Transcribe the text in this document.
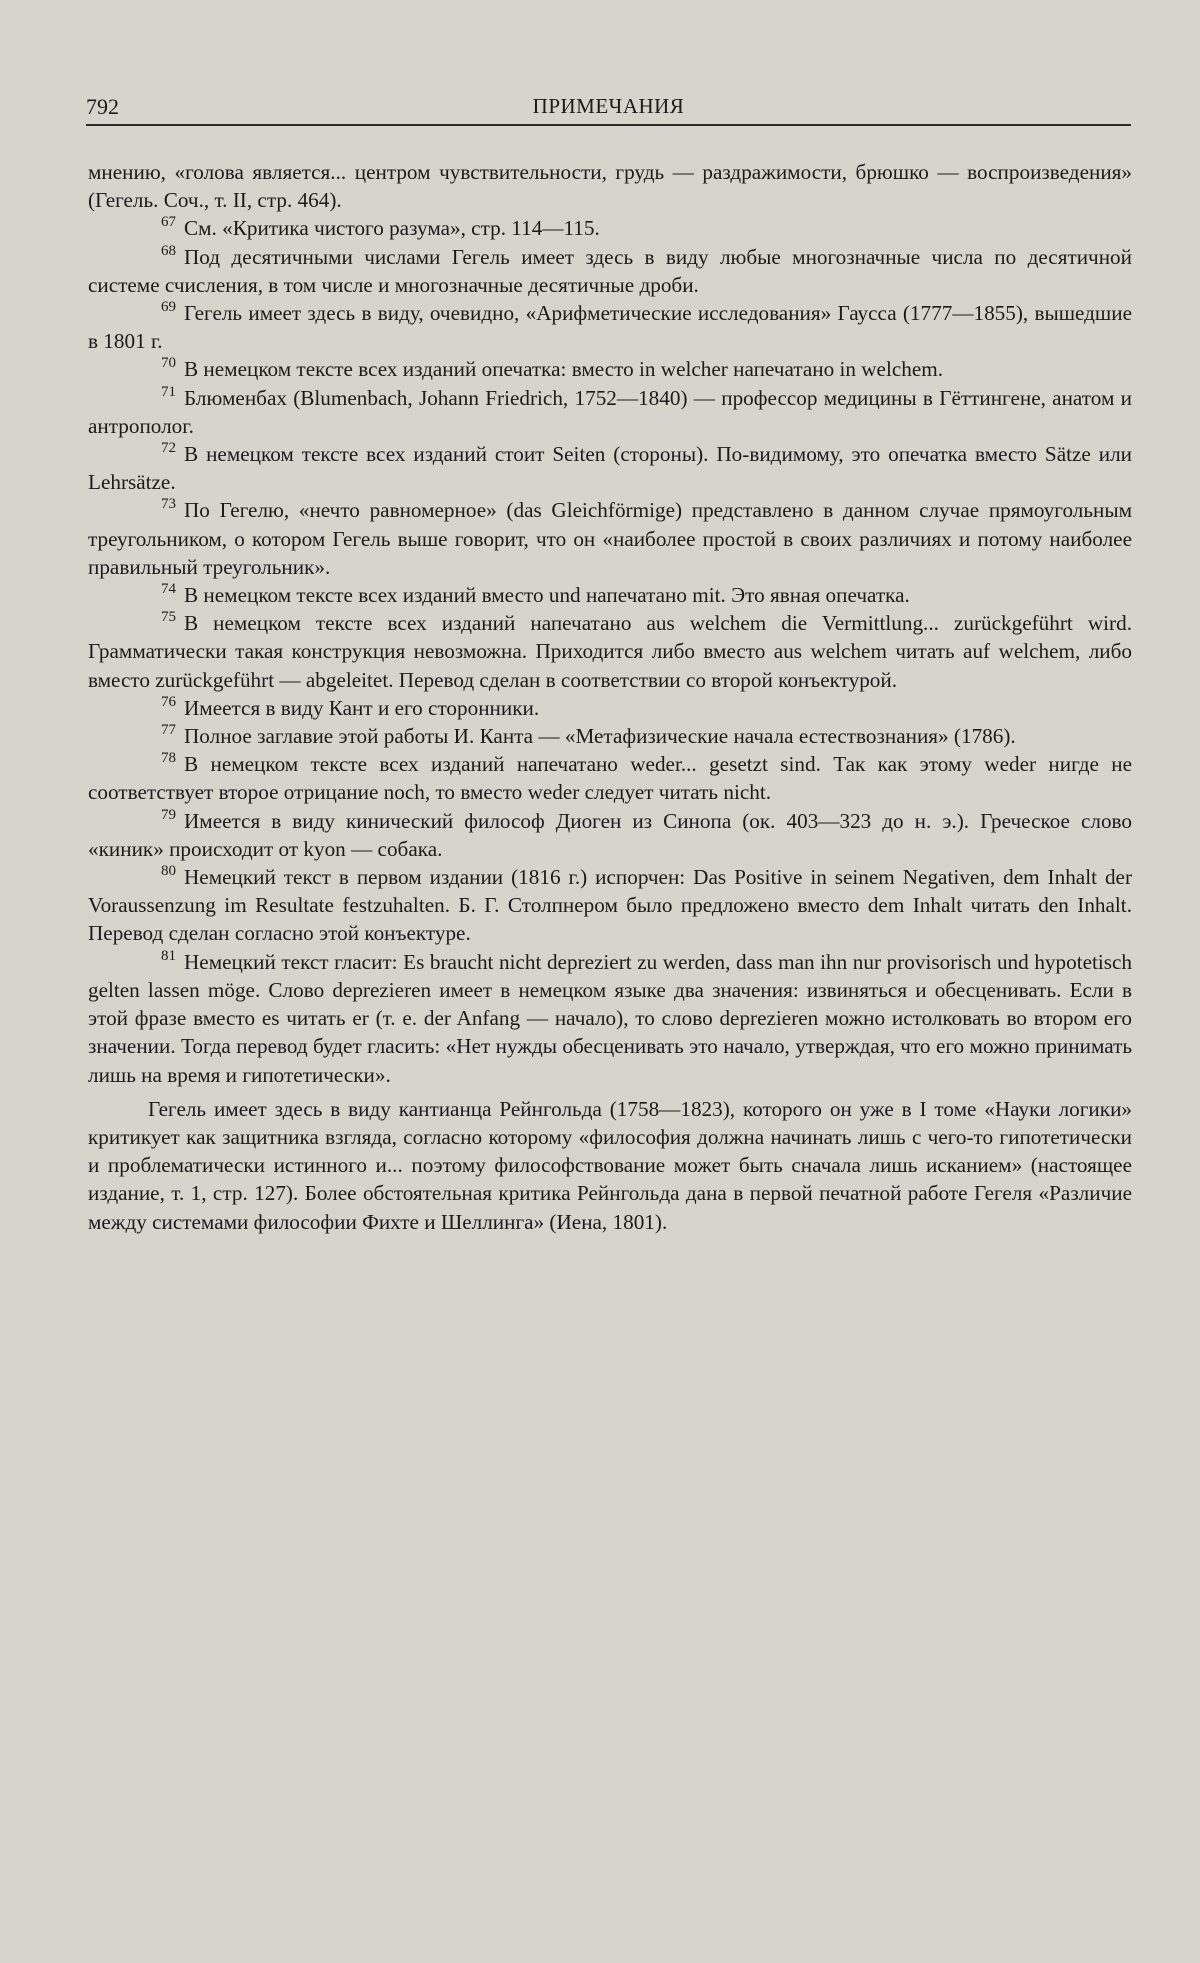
792	ПРИМЕЧАНИЯ

мнению, «голова является... центром чувствительности, грудь — раздражимости, брюшко — воспроизведения» (Гегель. Соч., т. II, стр. 464).

67 См. «Критика чистого разума», стр. 114—115.

68 Под десятичными числами Гегель имеет здесь в виду любые многозначные числа по десятичной системе счисления, в том числе и многозначные десятичные дроби.

69 Гегель имеет здесь в виду, очевидно, «Арифметические исследования» Гаусса (1777—1855), вышедшие в 1801 г.

70 В немецком тексте всех изданий опечатка: вместо in welcher напечатано in welchem.

71 Блюменбах (Blumenbach, Johann Friedrich, 1752—1840) — профессор медицины в Гёттингене, анатом и антрополог.

72 В немецком тексте всех изданий стоит Seiten (стороны). По-видимому, это опечатка вместо Sätze или Lehrsätze.

73 По Гегелю, «нечто равномерное» (das Gleichförmige) представлено в данном случае прямоугольным треугольником, о котором Гегель выше говорит, что он «наиболее простой в своих различиях и потому наиболее правильный треугольник».

74 В немецком тексте всех изданий вместо und напечатано mit. Это явная опечатка.

75 В немецком тексте всех изданий напечатано aus welchem die Vermittlung... zurückgeführt wird. Грамматически такая конструкция невозможна. Приходится либо вместо aus welchem читать auf welchem, либо вместо zurückgeführt — abgeleitet. Перевод сделан в соответствии со второй конъектурой.

76 Имеется в виду Кант и его сторонники.

77 Полное заглавие этой работы И. Канта — «Метафизические начала естествознания» (1786).

78 В немецком тексте всех изданий напечатано weder... gesetzt sind. Так как этому weder нигде не соответствует второе отрицание noch, то вместо weder следует читать nicht.

79 Имеется в виду кинический философ Диоген из Синопа (ок. 403—323 до н. э.). Греческое слово «киник» происходит от kyon — собака.

80 Немецкий текст в первом издании (1816 г.) испорчен: Das Positive in seinem Negativen, dem Inhalt der Voraussenzung im Resultate festzuhalten. Б. Г. Столпнером было предложено вместо dem Inhalt читать den Inhalt. Перевод сделан согласно этой конъектуре.

81 Немецкий текст гласит: Es braucht nicht depreziert zu werden, dass man ihn nur provisorisch und hypotetisch gelten lassen möge. Слово deprezieren имеет в немецком языке два значения: извиняться и обесценивать. Если в этой фразе вместо es читать er (т. е. der Anfang — начало), то слово deprezieren можно истолковать во втором его значении. Тогда перевод будет гласить: «Нет нужды обесценивать это начало, утверждая, что его можно принимать лишь на время и гипотетически».

Гегель имеет здесь в виду кантианца Рейнгольда (1758—1823), которого он уже в I томе «Науки логики» критикует как защитника взгляда, согласно которому «философия должна начинать лишь с чего-то гипотетически и проблематически истинного и... поэтому философствование может быть сначала лишь исканием» (настоящее издание, т. 1, стр. 127). Более обстоятельная критика Рейнгольда дана в первой печатной работе Гегеля «Различие между системами философии Фихте и Шеллинга» (Иена, 1801).
